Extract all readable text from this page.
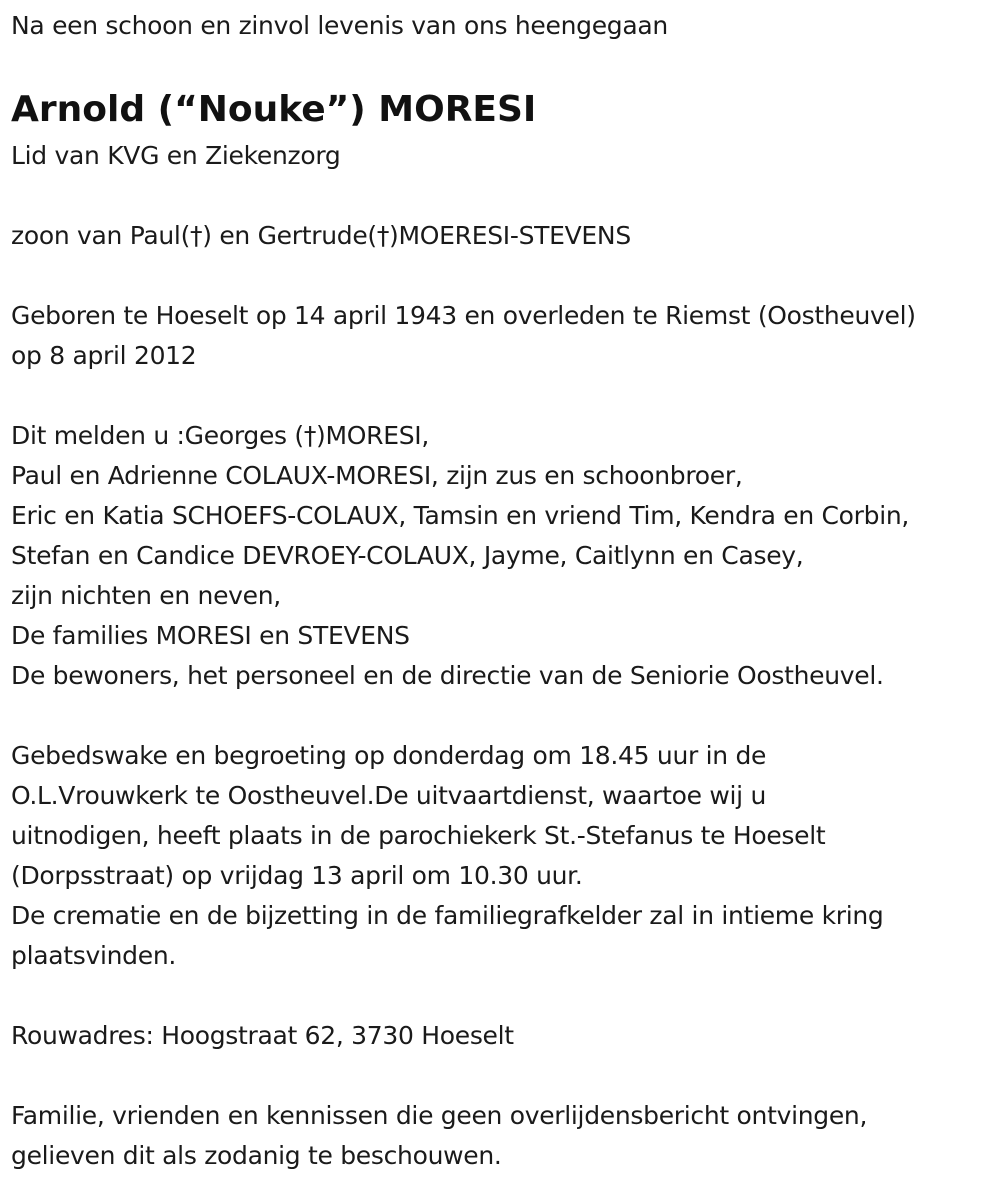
Na een schoon en zinvol levenis van ons heengegaan
Arnold (“Nouke”) MORESI
Lid van KVG en Ziekenzorg
zoon van Paul(†) en Gertrude(†)MOERESI-STEVENS
Geboren te Hoeselt op 14 april 1943 en overleden te Riemst (Oostheuvel)
op 8 april 2012
Dit melden u :Georges (†)MORESI,
Paul en Adrienne COLAUX-MORESI, zijn zus en schoonbroer,
Eric en Katia SCHOEFS-COLAUX, Tamsin en vriend Tim, Kendra en Corbin,
Stefan en Candice DEVROEY-COLAUX, Jayme, Caitlynn en Casey,
zijn nichten en neven,
De families MORESI en STEVENS
De bewoners, het personeel en de directie van de Seniorie Oostheuvel.
Gebedswake en begroeting op donderdag om 18.45 uur in de
O.L.Vrouwkerk te Oostheuvel.De uitvaartdienst, waartoe wij u
uitnodigen, heeft plaats in de parochiekerk St.-Stefanus te Hoeselt
(Dorpsstraat) op vrijdag 13 april om 10.30 uur.
De crematie en de bijzetting in de familiegrafkelder zal in intieme kring
plaatsvinden.
Rouwadres: Hoogstraat 62, 3730 Hoeselt
Familie, vrienden en kennissen die geen overlijdensbericht ontvingen,
gelieven dit als zodanig te beschouwen.
